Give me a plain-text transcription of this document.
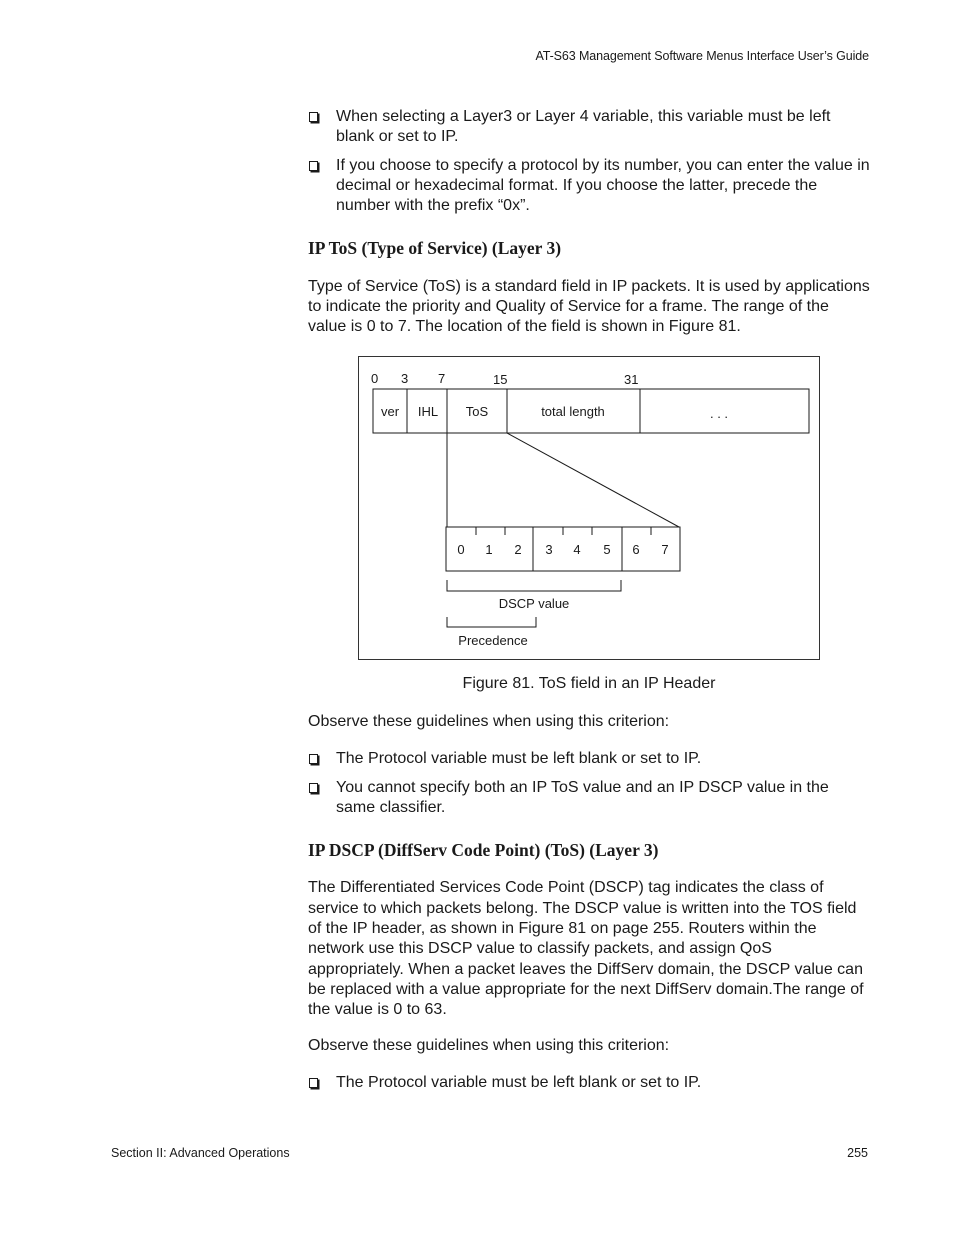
AT-S63 Management Software Menus Interface User’s Guide
When selecting a Layer3 or Layer 4 variable, this variable must be left blank or set to IP.
If you choose to specify a protocol by its number, you can enter the value in decimal or hexadecimal format. If you choose the latter, precede the number with the prefix “0x”.
IP ToS (Type of Service) (Layer 3)
Type of Service (ToS) is a standard field in IP packets. It is used by applications to indicate the priority and Quality of Service for a frame. The range of the value is 0 to 7. The location of the field is shown in Figure 81.
0 3 7	15	31
ver IHL ToS	total length	. . .
0 1 2 3 4 5 6 7
DSCP value
Precedence
Figure 81. ToS field in an IP Header
Observe these guidelines when using this criterion:
The Protocol variable must be left blank or set to IP.
You cannot specify both an IP ToS value and an IP DSCP value in the same classifier.
IP DSCP (DiffServ Code Point) (ToS) (Layer 3)
The Differentiated Services Code Point (DSCP) tag indicates the class of service to which packets belong. The DSCP value is written into the TOS field of the IP header, as shown in Figure 81 on page 255. Routers within the network use this DSCP value to classify packets, and assign QoS appropriately. When a packet leaves the DiffServ domain, the DSCP value can be replaced with a value appropriate for the next DiffServ domain.The range of the value is 0 to 63.
Observe these guidelines when using this criterion:
The Protocol variable must be left blank or set to IP.
Section II: Advanced Operations	255
